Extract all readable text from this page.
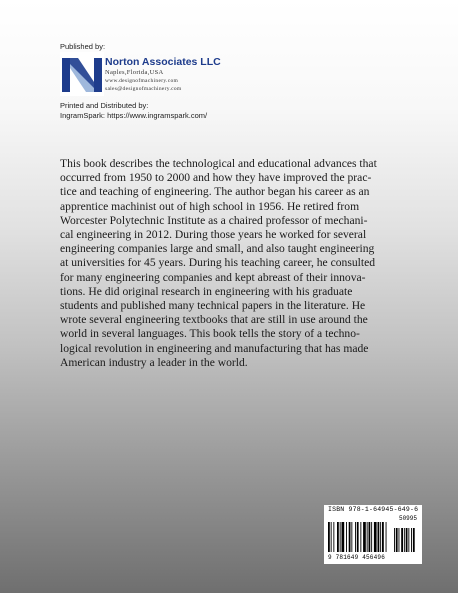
Published by:
Norton Associates LLC
Naples,Florida,USA
www.designofmachinery.com
sales@designofmachinery.com
Printed and Distributed by:
IngramSpark: https://www.ingramspark.com/

This book describes the technological and educational advances that
occurred from 1950 to 2000 and how they have improved the prac-
tice and teaching of engineering. The author began his career as an
apprentice machinist out of high school in 1956. He retired from
Worcester Polytechnic Institute as a chaired professor of mechani-
cal engineering in 2012. During those years he worked for several
engineering companies large and small, and also taught engineering
at universities for 45 years. During his teaching career, he consulted
for many engineering companies and kept abreast of their innova-
tions. He did original research in engineering with his graduate
students and published many technical papers in the literature. He
wrote several engineering textbooks that are still in use around the
world in several languages. This book tells the story of a techno-
logical revolution in engineering and manufacturing that has made
American industry a leader in the world.

ISBN 978-1-64945-649-6
50995
9 781649 456496
